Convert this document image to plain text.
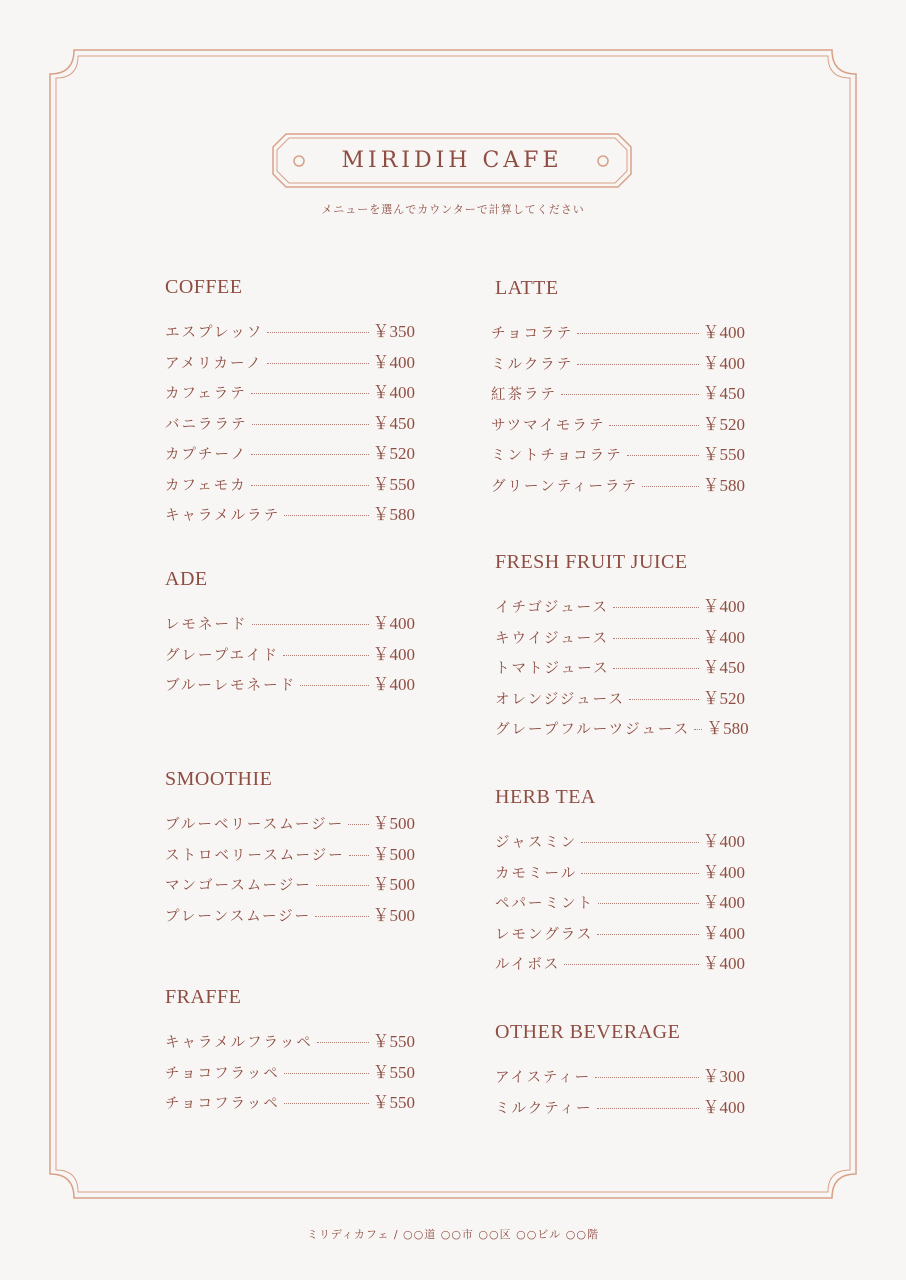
MIRIDIH CAFE
メニューを選んでカウンターで計算してください
COFFEE
エスプレッソ	￥350
アメリカーノ	￥400
カフェラテ	￥400
バニララテ	￥450
カプチーノ	￥520
カフェモカ	￥550
キャラメルラテ	￥580
ADE
レモネード	￥400
グレープエイド	￥400
ブルーレモネード	￥400
SMOOTHIE
ブルーベリースムージー ￥500
ストロベリースムージー ￥500
マンゴースムージー	￥500
プレーンスムージー	￥500
FRAFFE
キャラメルフラッペ	￥550
チョコフラッペ	￥550
チョコフラッペ	￥550
LATTE
チョコラテ	￥400
ミルクラテ	￥400
紅茶ラテ	￥450
サツマイモラテ	￥520
ミントチョコラテ	￥550
グリーンティーラテ	￥580
FRESH FRUIT JUICE
イチゴジュース	￥400
キウイジュース	￥400
トマトジュース	￥450
オレンジジュース	￥520
グレープフルーツジュース ￥580
HERB TEA
ジャスミン	￥400
カモミール	￥400
ペパーミント	￥400
レモングラス	￥400
ルイボス	￥400
OTHER BEVERAGE
アイスティー	￥300
ミルクティー	￥400
ミリディカフェ / ○○道 ○○市 ○○区 ○○ビル ○○階
